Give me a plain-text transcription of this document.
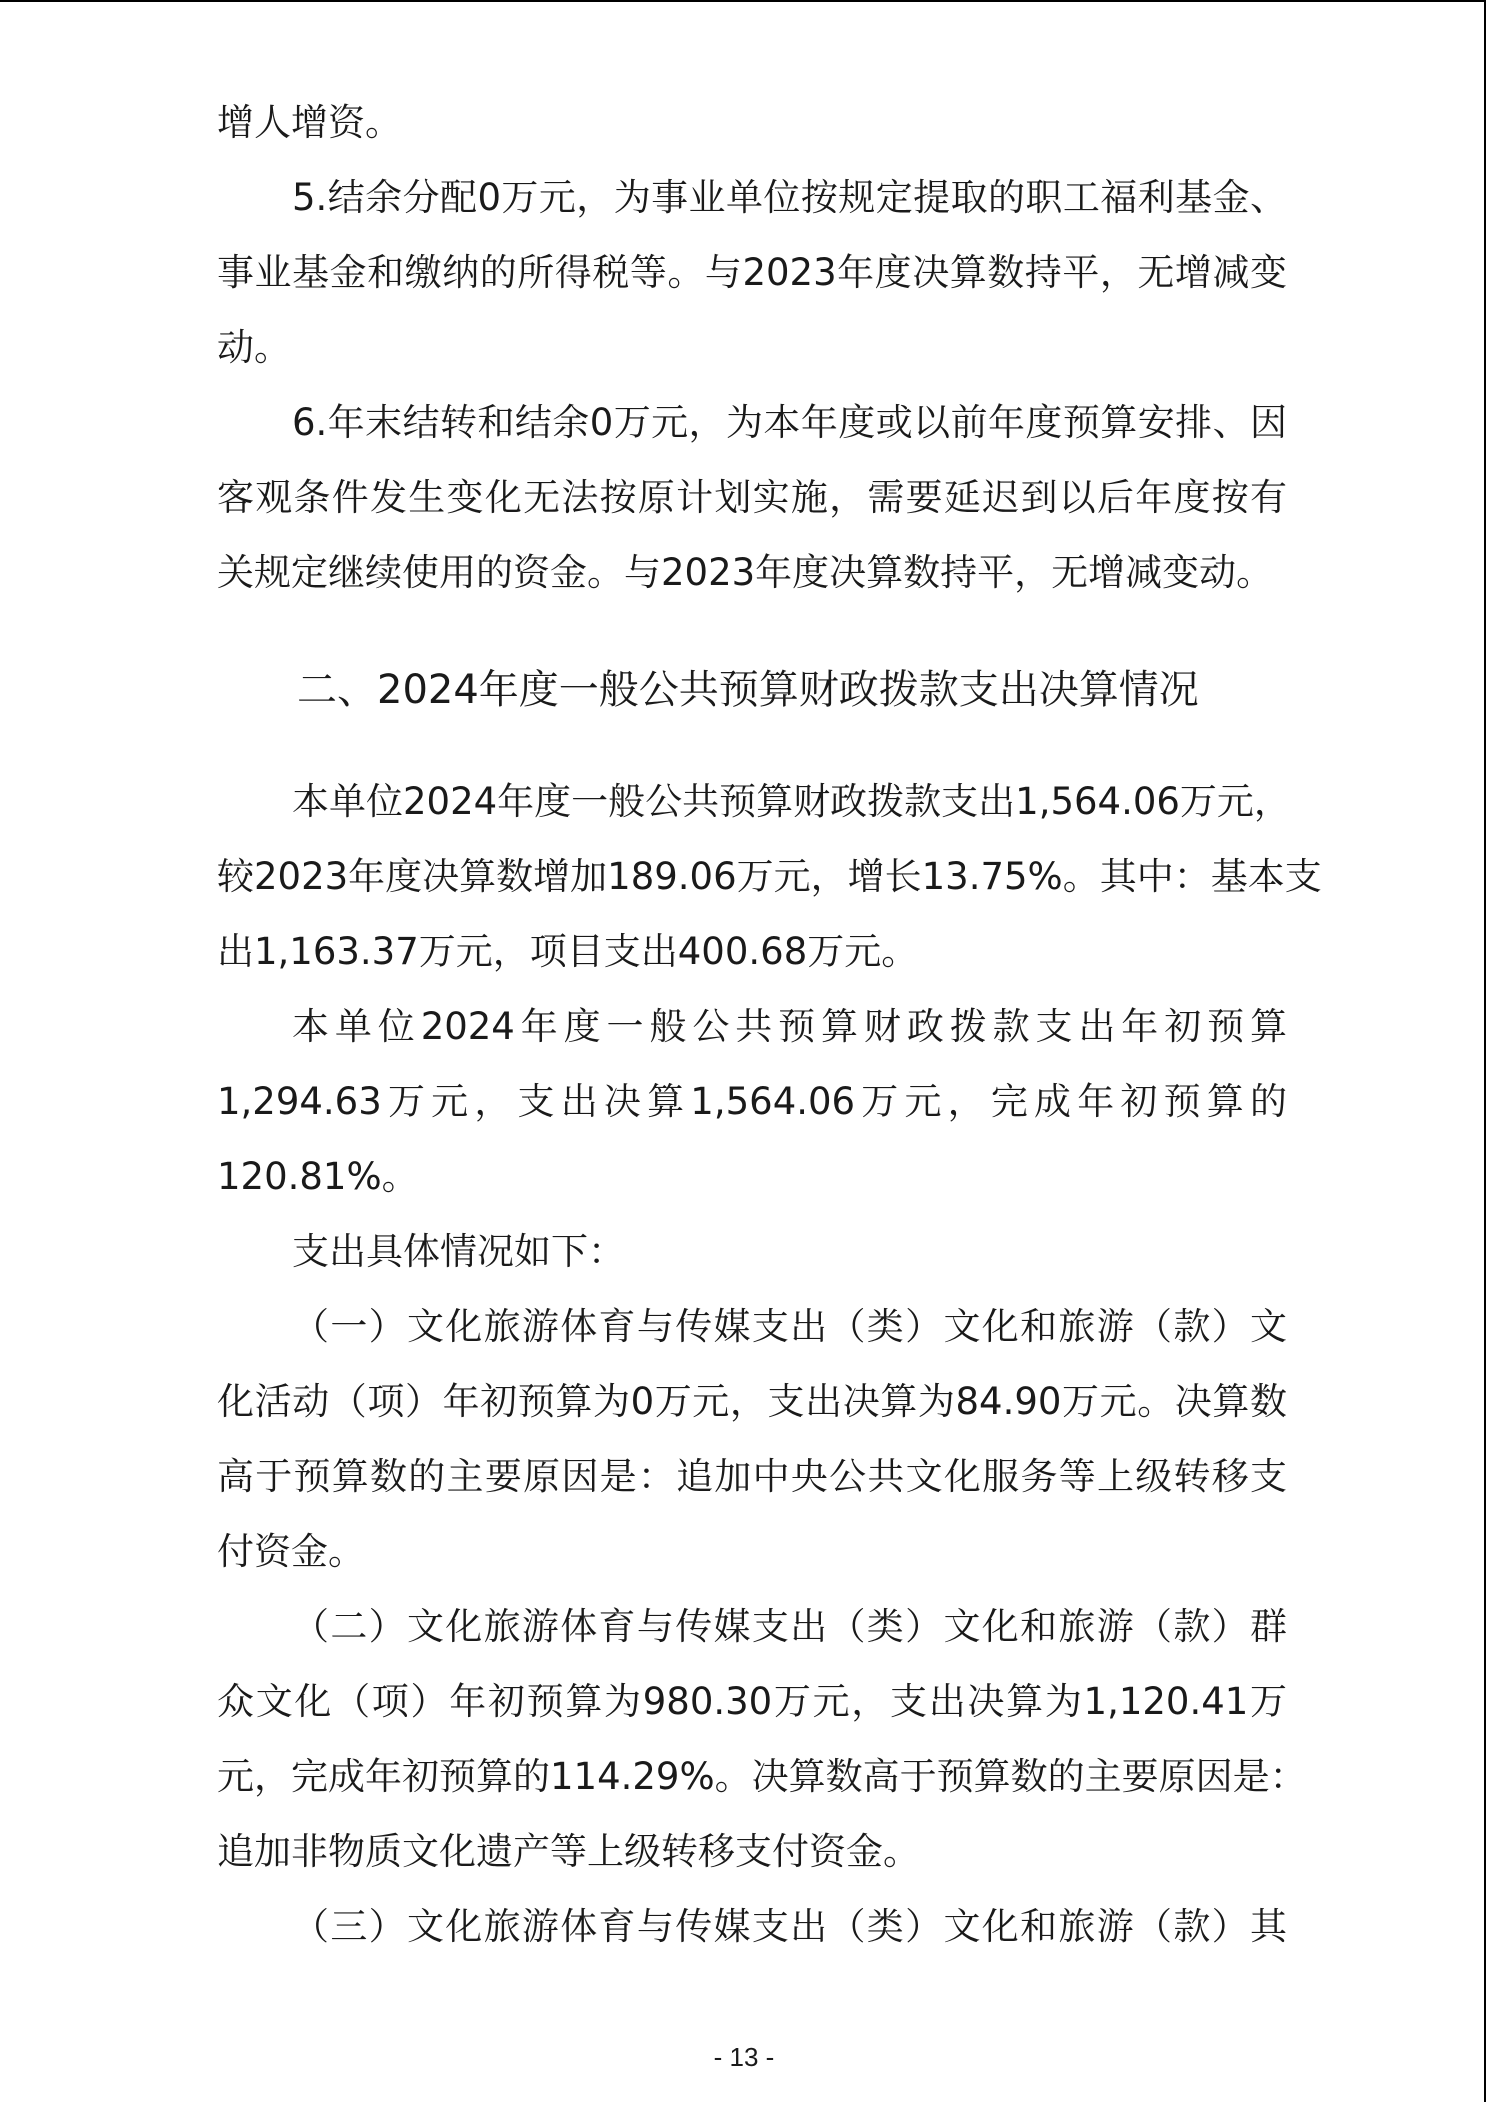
增人增资。
5.结余分配0万元，为事业单位按规定提取的职工福利基金、
事业基金和缴纳的所得税等。与2023年度决算数持平，无增减变
动。
6.年末结转和结余0万元，为本年度或以前年度预算安排、因
客观条件发生变化无法按原计划实施，需要延迟到以后年度按有
关规定继续使用的资金。与2023年度决算数持平，无增减变动。
二、2024年度一般公共预算财政拨款支出决算情况
本单位2024年度一般公共预算财政拨款支出1,564.06万元，
较2023年度决算数增加189.06万元，增长13.75%。其中：基本支
出1,163.37万元，项目支出400.68万元。
本单位2024年度一般公共预算财政拨款支出年初预算
1,294.63万元，支出决算1,564.06万元，完成年初预算的
120.81%。
支出具体情况如下：
（一）文化旅游体育与传媒支出（类）文化和旅游（款）文
化活动（项）年初预算为0万元，支出决算为84.90万元。决算数
高于预算数的主要原因是：追加中央公共文化服务等上级转移支
付资金。
（二）文化旅游体育与传媒支出（类）文化和旅游（款）群
众文化（项）年初预算为980.30万元，支出决算为1,120.41万
元，完成年初预算的114.29%。决算数高于预算数的主要原因是：
追加非物质文化遗产等上级转移支付资金。
（三）文化旅游体育与传媒支出（类）文化和旅游（款）其
- 13 -
